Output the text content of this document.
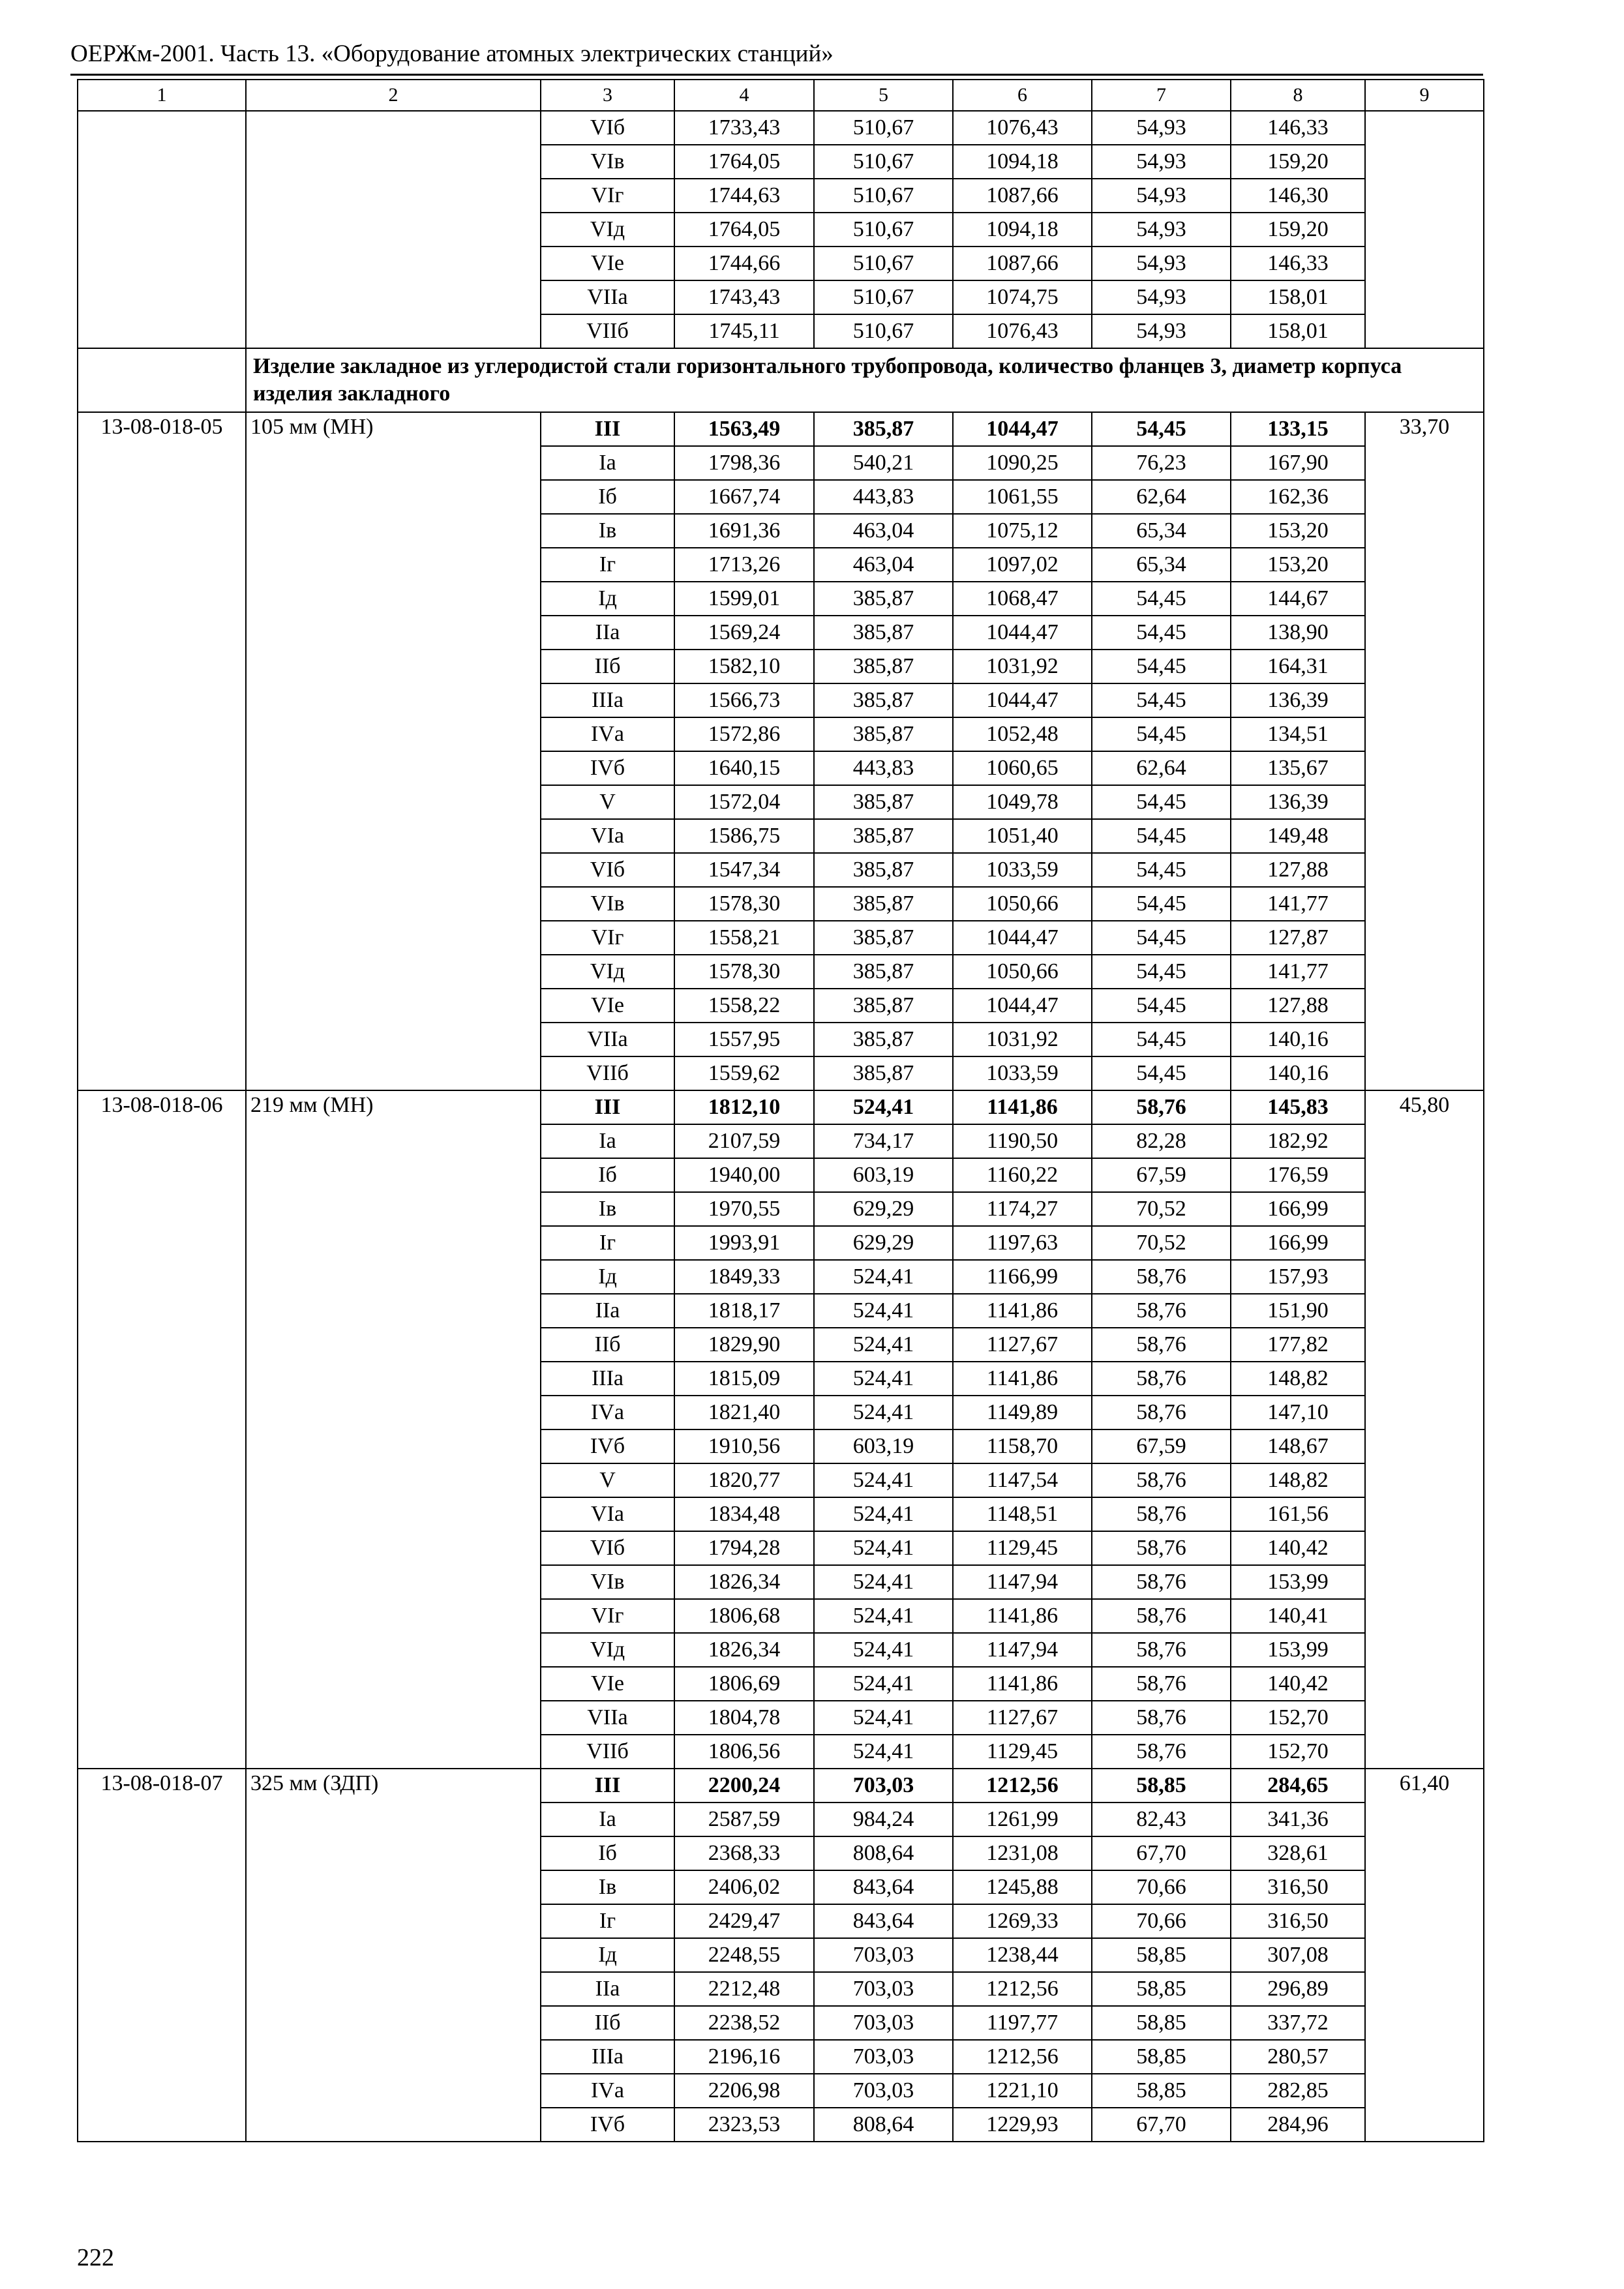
ОЕРЖм-2001. Часть 13. «Оборудование атомных электрических станций»
1	2	3	4	5	6	7	8	9
		VIб	1733,43	510,67	1076,43	54,93	146,33	
		VIв	1764,05	510,67	1094,18	54,93	159,20	
		VIг	1744,63	510,67	1087,66	54,93	146,30	
		VIд	1764,05	510,67	1094,18	54,93	159,20	
		VIе	1744,66	510,67	1087,66	54,93	146,33	
		VIIа	1743,43	510,67	1074,75	54,93	158,01	
		VIIб	1745,11	510,67	1076,43	54,93	158,01	
	Изделие закладное из углеродистой стали горизонтального трубопровода, количество фланцев 3, диаметр корпуса изделия закладного							
13-08-018-05	105 мм (МН)	III	1563,49	385,87	1044,47	54,45	133,15	33,70
		Iа	1798,36	540,21	1090,25	76,23	167,90	
		Iб	1667,74	443,83	1061,55	62,64	162,36	
		Iв	1691,36	463,04	1075,12	65,34	153,20	
		Iг	1713,26	463,04	1097,02	65,34	153,20	
		Iд	1599,01	385,87	1068,47	54,45	144,67	
		IIа	1569,24	385,87	1044,47	54,45	138,90	
		IIб	1582,10	385,87	1031,92	54,45	164,31	
		IIIа	1566,73	385,87	1044,47	54,45	136,39	
		IVа	1572,86	385,87	1052,48	54,45	134,51	
		IVб	1640,15	443,83	1060,65	62,64	135,67	
		V	1572,04	385,87	1049,78	54,45	136,39	
		VIа	1586,75	385,87	1051,40	54,45	149,48	
		VIб	1547,34	385,87	1033,59	54,45	127,88	
		VIв	1578,30	385,87	1050,66	54,45	141,77	
		VIг	1558,21	385,87	1044,47	54,45	127,87	
		VIд	1578,30	385,87	1050,66	54,45	141,77	
		VIе	1558,22	385,87	1044,47	54,45	127,88	
		VIIа	1557,95	385,87	1031,92	54,45	140,16	
		VIIб	1559,62	385,87	1033,59	54,45	140,16	
13-08-018-06	219 мм (МН)	III	1812,10	524,41	1141,86	58,76	145,83	45,80
		Iа	2107,59	734,17	1190,50	82,28	182,92	
		Iб	1940,00	603,19	1160,22	67,59	176,59	
		Iв	1970,55	629,29	1174,27	70,52	166,99	
		Iг	1993,91	629,29	1197,63	70,52	166,99	
		Iд	1849,33	524,41	1166,99	58,76	157,93	
		IIа	1818,17	524,41	1141,86	58,76	151,90	
		IIб	1829,90	524,41	1127,67	58,76	177,82	
		IIIа	1815,09	524,41	1141,86	58,76	148,82	
		IVа	1821,40	524,41	1149,89	58,76	147,10	
		IVб	1910,56	603,19	1158,70	67,59	148,67	
		V	1820,77	524,41	1147,54	58,76	148,82	
		VIа	1834,48	524,41	1148,51	58,76	161,56	
		VIб	1794,28	524,41	1129,45	58,76	140,42	
		VIв	1826,34	524,41	1147,94	58,76	153,99	
		VIг	1806,68	524,41	1141,86	58,76	140,41	
		VIд	1826,34	524,41	1147,94	58,76	153,99	
		VIе	1806,69	524,41	1141,86	58,76	140,42	
		VIIа	1804,78	524,41	1127,67	58,76	152,70	
		VIIб	1806,56	524,41	1129,45	58,76	152,70	
13-08-018-07	325 мм (ЗДП)	III	2200,24	703,03	1212,56	58,85	284,65	61,40
		Iа	2587,59	984,24	1261,99	82,43	341,36	
		Iб	2368,33	808,64	1231,08	67,70	328,61	
		Iв	2406,02	843,64	1245,88	70,66	316,50	
		Iг	2429,47	843,64	1269,33	70,66	316,50	
		Iд	2248,55	703,03	1238,44	58,85	307,08	
		IIа	2212,48	703,03	1212,56	58,85	296,89	
		IIб	2238,52	703,03	1197,77	58,85	337,72	
		IIIа	2196,16	703,03	1212,56	58,85	280,57	
		IVа	2206,98	703,03	1221,10	58,85	282,85	
		IVб	2323,53	808,64	1229,93	67,70	284,96	
222
